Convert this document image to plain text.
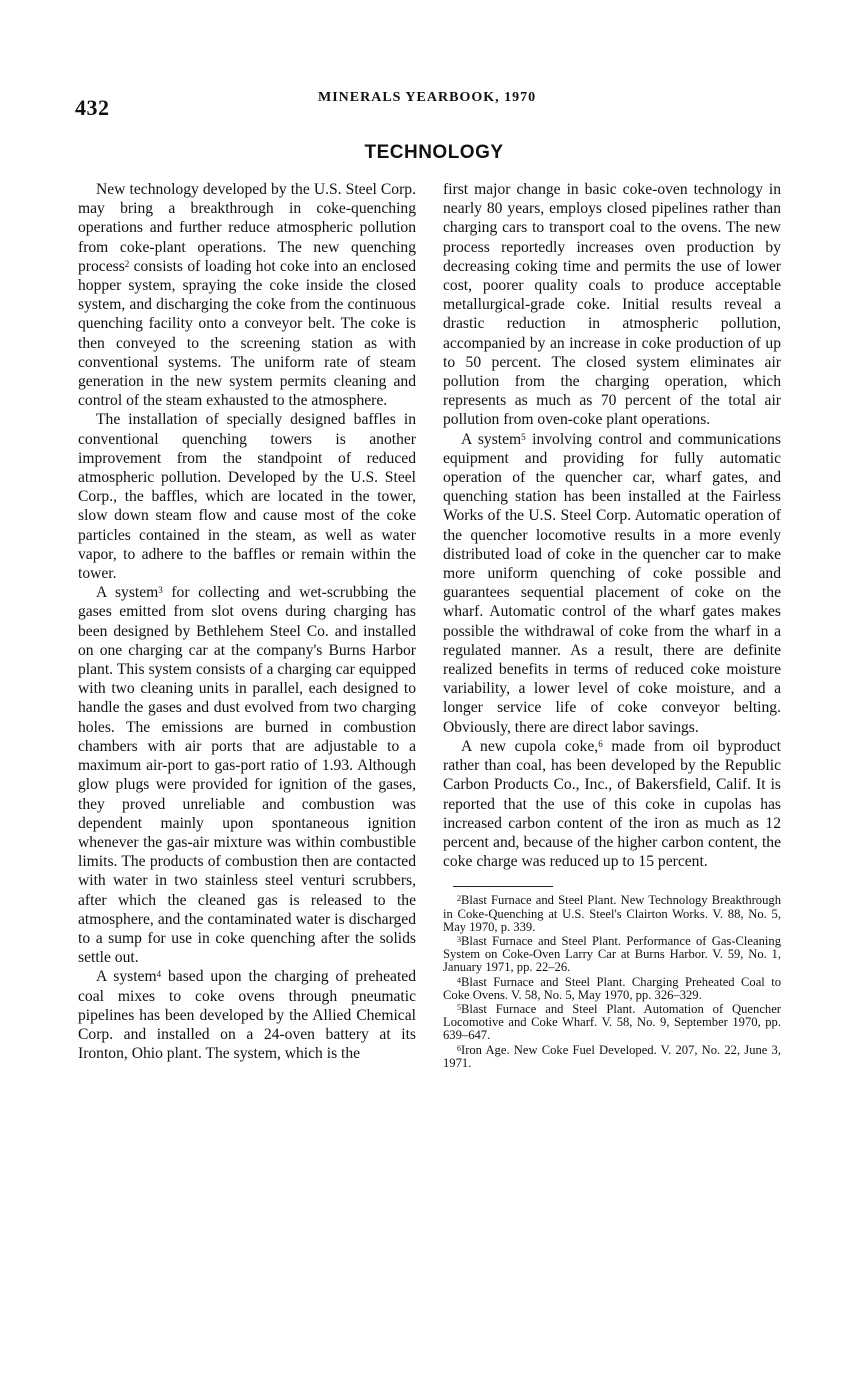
432	MINERALS YEARBOOK, 1970
TECHNOLOGY

New technology developed by the U.S. Steel Corp. may bring a breakthrough in coke-quenching operations and further reduce atmospheric pollution from coke-plant operations. The new quenching process$^2$ consists of loading hot coke into an enclosed hopper system, spraying the coke inside the closed system, and discharging the coke from the continuous quenching facility onto a conveyor belt. The coke is then conveyed to the screening station as with conventional systems. The uniform rate of steam generation in the new system permits cleaning and control of the steam exhausted to the atmosphere.

The installation of specially designed baffles in conventional quenching towers is another improvement from the standpoint of reduced atmospheric pollution. Developed by the U.S. Steel Corp., the baffles, which are located in the tower, slow down steam flow and cause most of the coke particles contained in the steam, as well as water vapor, to adhere to the baffles or remain within the tower.

A system$^3$ for collecting and wet-scrubbing the gases emitted from slot ovens during charging has been designed by Bethlehem Steel Co. and installed on one charging car at the company's Burns Harbor plant. This system consists of a charging car equipped with two cleaning units in parallel, each designed to handle the gases and dust evolved from two charging holes. The emissions are burned in combustion chambers with air ports that are adjustable to a maximum air-port to gas-port ratio of 1.93. Although glow plugs were provided for ignition of the gases, they proved unreliable and combustion was dependent mainly upon spontaneous ignition whenever the gas-air mixture was within combustible limits. The products of combustion then are contacted with water in two stainless steel venturi scrubbers, after which the cleaned gas is released to the atmosphere, and the contaminated water is discharged to a sump for use in coke quenching after the solids settle out.

A system$^4$ based upon the charging of preheated coal mixes to coke ovens through pneumatic pipelines has been developed by the Allied Chemical Corp. and installed on a 24-oven battery at its Ironton, Ohio plant. The system, which is the

first major change in basic coke-oven technology in nearly 80 years, employs closed pipelines rather than charging cars to transport coal to the ovens. The new process reportedly increases oven production by decreasing coking time and permits the use of lower cost, poorer quality coals to produce acceptable metallurgical-grade coke. Initial results reveal a drastic reduction in atmospheric pollution, accompanied by an increase in coke production of up to 50 percent. The closed system eliminates air pollution from the charging operation, which represents as much as 70 percent of the total air pollution from oven-coke plant operations.

A system$^5$ involving control and communications equipment and providing for fully automatic operation of the quencher car, wharf gates, and quenching station has been installed at the Fairless Works of the U.S. Steel Corp. Automatic operation of the quencher locomotive results in a more evenly distributed load of coke in the quencher car to make more uniform quenching of coke possible and guarantees sequential placement of coke on the wharf. Automatic control of the wharf gates makes possible the withdrawal of coke from the wharf in a regulated manner. As a result, there are definite realized benefits in terms of reduced coke moisture variability, a lower level of coke moisture, and a longer service life of coke conveyor belting. Obviously, there are direct labor savings.

A new cupola coke,$^6$ made from oil byproduct rather than coal, has been developed by the Republic Carbon Products Co., Inc., of Bakersfield, Calif. It is reported that the use of this coke in cupolas has increased carbon content of the iron as much as 12 percent and, because of the higher carbon content, the coke charge was reduced up to 15 percent.

$^2$Blast Furnace and Steel Plant. New Technology Breakthrough in Coke-Quenching at U.S. Steel's Clairton Works. V. 88, No. 5, May 1970, p. 339.
$^3$Blast Furnace and Steel Plant. Performance of Gas-Cleaning System on Coke-Oven Larry Car at Burns Harbor. V. 59, No. 1, January 1971, pp. 22–26.
$^4$Blast Furnace and Steel Plant. Charging Preheated Coal to Coke Ovens. V. 58, No. 5, May 1970, pp. 326–329.
$^5$Blast Furnace and Steel Plant. Automation of Quencher Locomotive and Coke Wharf. V. 58, No. 9, September 1970, pp. 639–647.
$^6$Iron Age. New Coke Fuel Developed. V. 207, No. 22, June 3, 1971.
